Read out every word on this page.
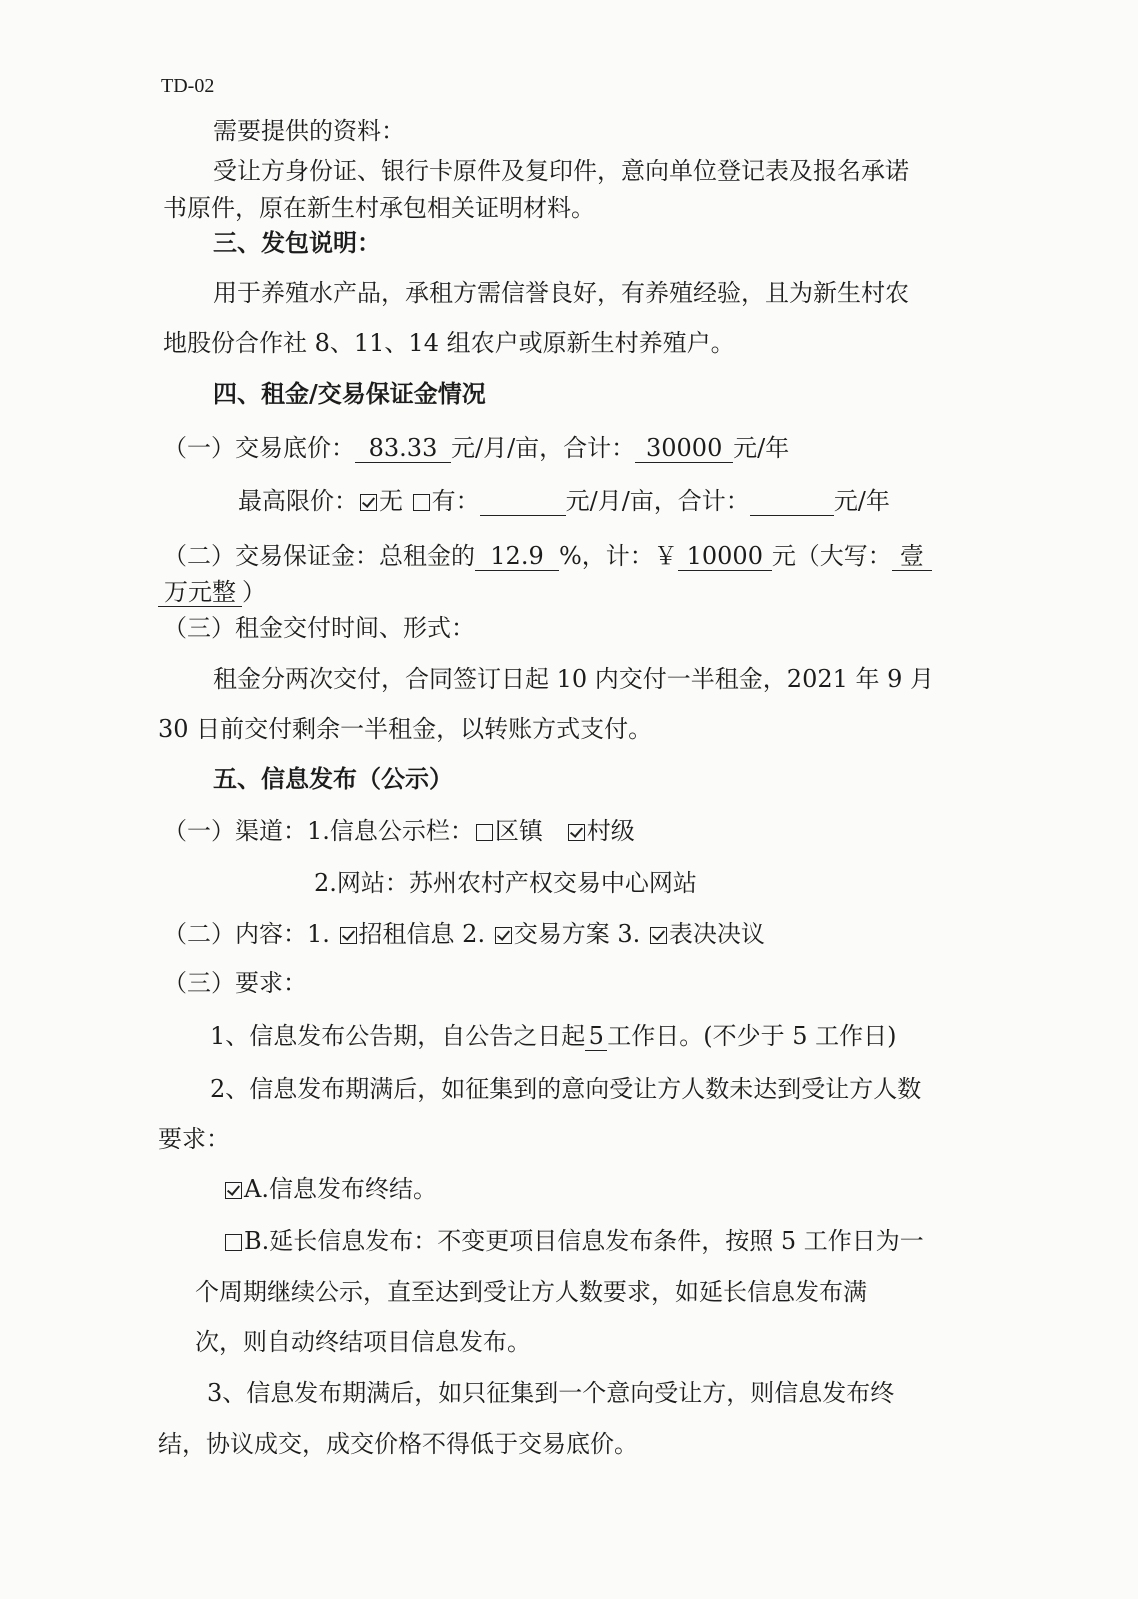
TD-02
需要提供的资料：
受让方身份证、银行卡原件及复印件，意向单位登记表及报名承诺
书原件，原在新生村承包相关证明材料。
三、发包说明：
用于养殖水产品，承租方需信誉良好，有养殖经验，且为新生村农
地股份合作社 8、11、14 组农户或原新生村养殖户。
四、租金/交易保证金情况
（一）交易底价： 83.33 元/月/亩，合计： 30000 元/年
最高限价： 无 有：	元/月/亩，合计：	元/年
（二）交易保证金：总租金的 12.9 %，计：￥ 10000 元（大写： 壹
万元整 ）
（三）租金交付时间、形式：
租金分两次交付，合同签订日起 10 内交付一半租金，2021 年 9 月
30 日前交付剩余一半租金，以转账方式支付。
五、信息发布（公示）
（一）渠道：1.信息公示栏： 区镇 村级
2.网站：苏州农村产权交易中心网站
（二）内容：1. 招租信息 2. 交易方案 3. 表决决议
（三）要求：
1、信息发布公告期，自公告之日起 5 工作日。(不少于 5 工作日)
2、信息发布期满后，如征集到的意向受让方人数未达到受让方人数
要求：
A.信息发布终结。
B.延长信息发布：不变更项目信息发布条件，按照 5 工作日为一
个周期继续公示，直至达到受让方人数要求，如延长信息发布满
次，则自动终结项目信息发布。
3、信息发布期满后，如只征集到一个意向受让方，则信息发布终
结，协议成交，成交价格不得低于交易底价。
